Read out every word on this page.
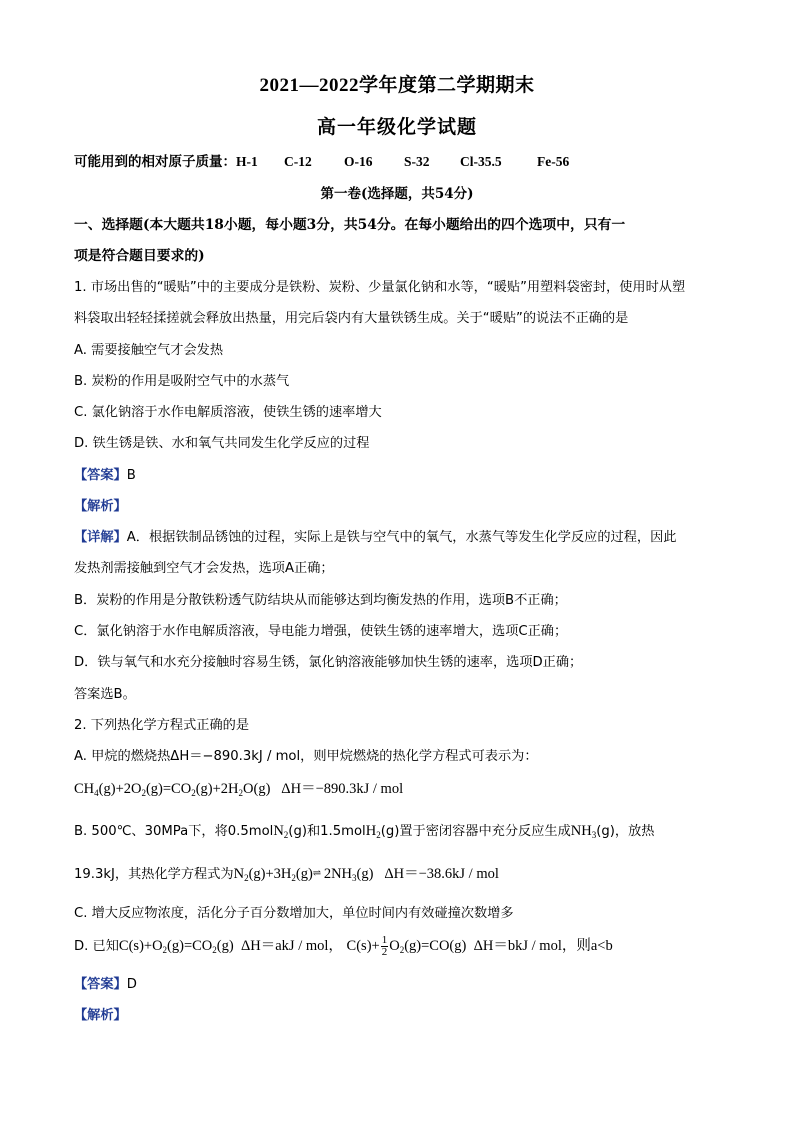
2021—2022学年度第二学期期末
高一年级化学试题
可能用到的相对原子质量：H-1 C-12 O-16 S-32 Cl-35.5	Fe-56
第一卷(选择题，共54分)
一、选择题(本大题共18小题，每小题3分，共54分。在每小题给出的四个选项中，只有一
项是符合题目要求的)
1. 市场出售的“暖贴”中的主要成分是铁粉、炭粉、少量氯化钠和水等，“暖贴”用塑料袋密封，使用时从塑
料袋取出轻轻揉搓就会释放出热量，用完后袋内有大量铁锈生成。关于“暖贴”的说法不正确的是
A. 需要接触空气才会发热
B. 炭粉的作用是吸附空气中的水蒸气
C. 氯化钠溶于水作电解质溶液，使铁生锈的速率增大
D. 铁生锈是铁、水和氧气共同发生化学反应的过程
【答案】B
【解析】
【详解】A．根据铁制品锈蚀的过程，实际上是铁与空气中的氧气，水蒸气等发生化学反应的过程，因此
发热剂需接触到空气才会发热，选项A正确；
B．炭粉的作用是分散铁粉透气防结块从而能够达到均衡发热的作用，选项B不正确；
C．氯化钠溶于水作电解质溶液，导电能力增强，使铁生锈的速率增大，选项C正确；
D．铁与氧气和水充分接触时容易生锈，氯化钠溶液能够加快生锈的速率，选项D正确；
答案选B。
2. 下列热化学方程式正确的是
A. 甲烷的燃烧热ΔH＝−890.3kJ / mol，则甲烷燃烧的热化学方程式可表示为：
$CH_4(g)+2O_2(g)=CO_2(g)+2H_2O(g)$   ΔH＝−890.3kJ / mol
B. 500℃、30MPa下，将0.5molN$_2$(g)和1.5molH$_2$(g)置于密闭容器中充分反应生成$NH_3(g)$，放热
19.3kJ，其热化学方程式为$N_2(g)+3H_2(g)\rightleftharpoons$ $2NH_3(g)$   ΔH＝−38.6kJ / mol
C. 增大反应物浓度，活化分子百分数增加大，单位时间内有效碰撞次数增多
D. 已知$C(s)+O_2(g)=CO_2(g)$  ΔH＝akJ / mol， $C(s)+ \frac{1}{2} O_2(g)=CO(g)$  ΔH＝bkJ / mol，则a<b
【答案】D
【解析】
